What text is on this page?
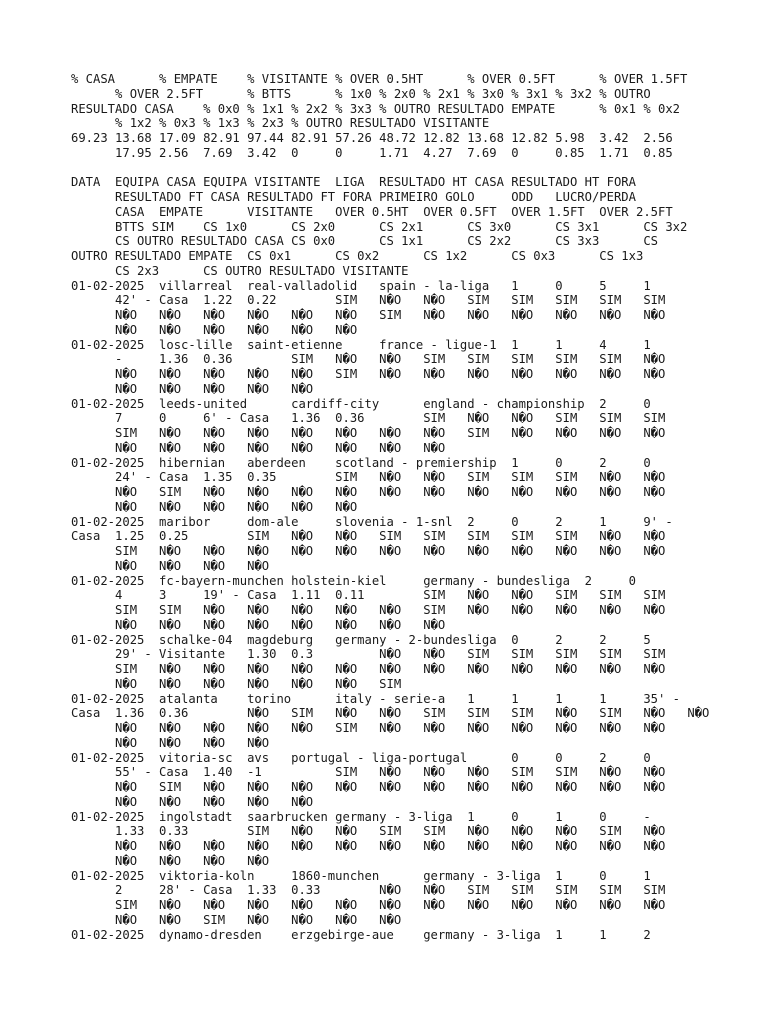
% CASA      % EMPATE    % VISITANTE % OVER 0.5HT      % OVER 0.5FT      % OVER 1.5FT
% OVER 2.5FT      % BTTS      % 1x0 % 2x0 % 2x1 % 3x0 % 3x1 % 3x2 % OUTRO
RESULTADO CASA    % 0x0 % 1x1 % 2x2 % 3x3 % OUTRO RESULTADO EMPATE      % 0x1 % 0x2
% 1x2 % 0x3 % 1x3 % 2x3 % OUTRO RESULTADO VISITANTE
69.23 13.68 17.09 82.91 97.44 82.91 57.26 48.72 12.82 13.68 12.82 5.98  3.42  2.56
17.95 2.56  7.69  3.42  0     0     1.71  4.27  7.69  0     0.85  1.71  0.85
DATA  EQUIPA CASA EQUIPA VISITANTE  LIGA  RESULTADO HT CASA RESULTADO HT FORA
RESULTADO FT CASA RESULTADO FT FORA PRIMEIRO GOLO     ODD   LUCRO/PERDA
CASA  EMPATE      VISITANTE   OVER 0.5HT  OVER 0.5FT  OVER 1.5FT  OVER 2.5FT
BTTS SIM    CS 1x0      CS 2x0      CS 2x1      CS 3x0      CS 3x1      CS 3x2
CS OUTRO RESULTADO CASA CS 0x0      CS 1x1      CS 2x2      CS 3x3      CS
OUTRO RESULTADO EMPATE  CS 0x1      CS 0x2      CS 1x2      CS 0x3      CS 1x3
CS 2x3      CS OUTRO RESULTADO VISITANTE
01-02-2025  villarreal  real-valladolid   spain - la-liga   1     0     5     1
42' - Casa  1.22  0.22        SIM   N�O   N�O   SIM   SIM   SIM   SIM   SIM
N�O   N�O   N�O   N�O   N�O   N�O   SIM   N�O   N�O   N�O   N�O   N�O   N�O
N�O   N�O   N�O   N�O   N�O   N�O
01-02-2025  losc-lille  saint-etienne     france - ligue-1  1     1     4     1
-     1.36  0.36        SIM   N�O   N�O   SIM   SIM   SIM   SIM   SIM   N�O
N�O   N�O   N�O   N�O   N�O   SIM   N�O   N�O   N�O   N�O   N�O   N�O   N�O
N�O   N�O   N�O   N�O   N�O
01-02-2025  leeds-united      cardiff-city      england - championship  2     0
7     0     6' - Casa   1.36  0.36        SIM   N�O   N�O   SIM   SIM   SIM
SIM   N�O   N�O   N�O   N�O   N�O   N�O   N�O   SIM   N�O   N�O   N�O   N�O
N�O   N�O   N�O   N�O   N�O   N�O   N�O   N�O
01-02-2025  hibernian   aberdeen    scotland - premiership  1     0     2     0
24' - Casa  1.35  0.35        SIM   N�O   N�O   SIM   SIM   SIM   N�O   N�O
N�O   SIM   N�O   N�O   N�O   N�O   N�O   N�O   N�O   N�O   N�O   N�O   N�O
N�O   N�O   N�O   N�O   N�O   N�O
01-02-2025  maribor     dom-ale     slovenia - 1-snl  2     0     2     1     9' -
Casa  1.25  0.25        SIM   N�O   N�O   SIM   SIM   SIM   SIM   SIM   N�O   N�O
SIM   N�O   N�O   N�O   N�O   N�O   N�O   N�O   N�O   N�O   N�O   N�O   N�O
N�O   N�O   N�O   N�O
01-02-2025  fc-bayern-munchen holstein-kiel     germany - bundesliga  2     0
4     3     19' - Casa  1.11  0.11        SIM   N�O   N�O   SIM   SIM   SIM
SIM   SIM   N�O   N�O   N�O   N�O   N�O   SIM   N�O   N�O   N�O   N�O   N�O
N�O   N�O   N�O   N�O   N�O   N�O   N�O   N�O
01-02-2025  schalke-04  magdeburg   germany - 2-bundesliga  0     2     2     5
29' - Visitante   1.30  0.3         N�O   N�O   SIM   SIM   SIM   SIM   SIM
SIM   N�O   N�O   N�O   N�O   N�O   N�O   N�O   N�O   N�O   N�O   N�O   N�O
N�O   N�O   N�O   N�O   N�O   N�O   SIM
01-02-2025  atalanta    torino      italy - serie-a   1     1     1     1     35' -
Casa  1.36  0.36        N�O   SIM   N�O   N�O   SIM   SIM   SIM   N�O   SIM   N�O   N�O
N�O   N�O   N�O   N�O   N�O   SIM   N�O   N�O   N�O   N�O   N�O   N�O   N�O
N�O   N�O   N�O   N�O
01-02-2025  vitoria-sc  avs   portugal - liga-portugal      0     0     2     0
55' - Casa  1.40  -1          SIM   N�O   N�O   N�O   SIM   SIM   N�O   N�O
N�O   SIM   N�O   N�O   N�O   N�O   N�O   N�O   N�O   N�O   N�O   N�O   N�O
N�O   N�O   N�O   N�O   N�O
01-02-2025  ingolstadt  saarbrucken germany - 3-liga  1     0     1     0     -
1.33  0.33        SIM   N�O   N�O   SIM   SIM   N�O   N�O   N�O   SIM   N�O
N�O   N�O   N�O   N�O   N�O   N�O   N�O   N�O   N�O   N�O   N�O   N�O   N�O
N�O   N�O   N�O   N�O
01-02-2025  viktoria-koln     1860-munchen      germany - 3-liga  1     0     1
2     28' - Casa  1.33  0.33        N�O   N�O   SIM   SIM   SIM   SIM   SIM
SIM   N�O   N�O   N�O   N�O   N�O   N�O   N�O   N�O   N�O   N�O   N�O   N�O
N�O   N�O   SIM   N�O   N�O   N�O   N�O
01-02-2025  dynamo-dresden    erzgebirge-aue    germany - 3-liga  1     1     2
